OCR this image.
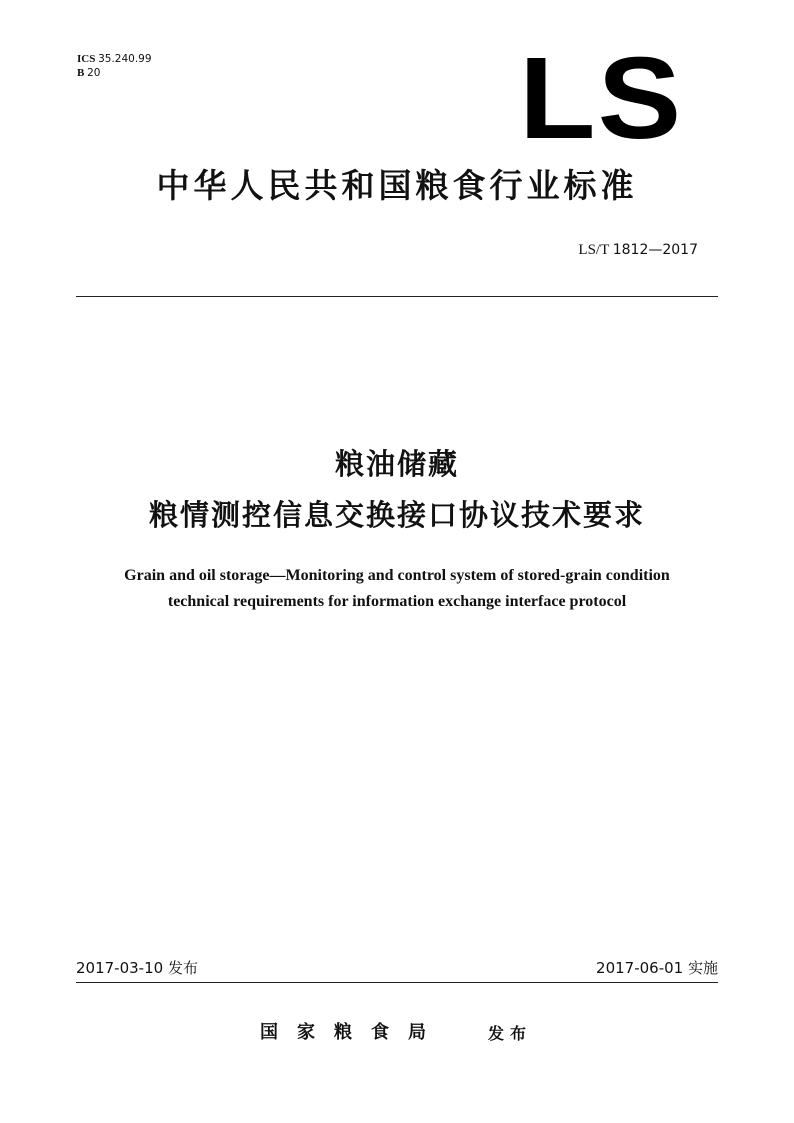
ICS 35.240.99
B 20	LS
中华人民共和国粮食行业标准
LS/T 1812—2017
粮油储藏
粮情测控信息交换接口协议技术要求
Grain and oil storage—Monitoring and control system of stored-grain condition
technical requirements for information exchange interface protocol
2017-03-10 发布	2017-06-01 实施
国家粮食局	发布
